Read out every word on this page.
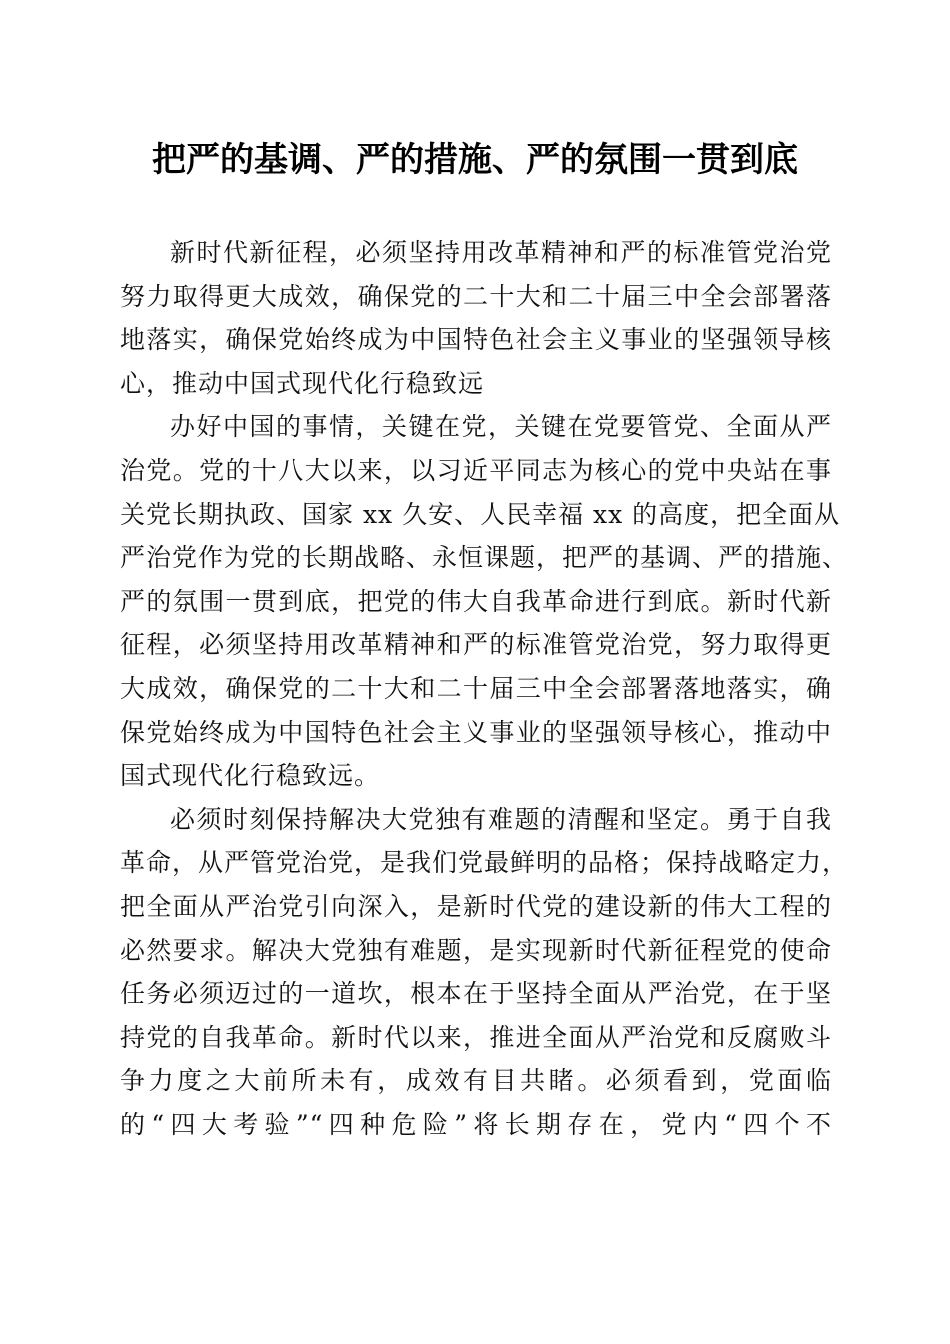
把严的基调、严的措施、严的氛围一贯到底

新时代新征程，必须坚持用改革精神和严的标准管党治党
努力取得更大成效，确保党的二十大和二十届三中全会部署落
地落实，确保党始终成为中国特色社会主义事业的坚强领导核
心，推动中国式现代化行稳致远

办好中国的事情，关键在党，关键在党要管党、全面从严
治党。党的十八大以来，以习近平同志为核心的党中央站在事
关党长期执政、国家 xx 久安、人民幸福 xx 的高度，把全面从
严治党作为党的长期战略、永恒课题，把严的基调、严的措施、
严的氛围一贯到底，把党的伟大自我革命进行到底。新时代新
征程，必须坚持用改革精神和严的标准管党治党，努力取得更
大成效，确保党的二十大和二十届三中全会部署落地落实，确
保党始终成为中国特色社会主义事业的坚强领导核心，推动中
国式现代化行稳致远。

必须时刻保持解决大党独有难题的清醒和坚定。勇于自我
革命，从严管党治党，是我们党最鲜明的品格；保持战略定力，
把全面从严治党引向深入，是新时代党的建设新的伟大工程的
必然要求。解决大党独有难题，是实现新时代新征程党的使命
任务必须迈过的一道坎，根本在于坚持全面从严治党，在于坚
持党的自我革命。新时代以来，推进全面从严治党和反腐败斗
争力度之大前所未有，成效有目共睹。必须看到，党面临
的“四大考验”“四种危险”将长期存在，党内“四个不
